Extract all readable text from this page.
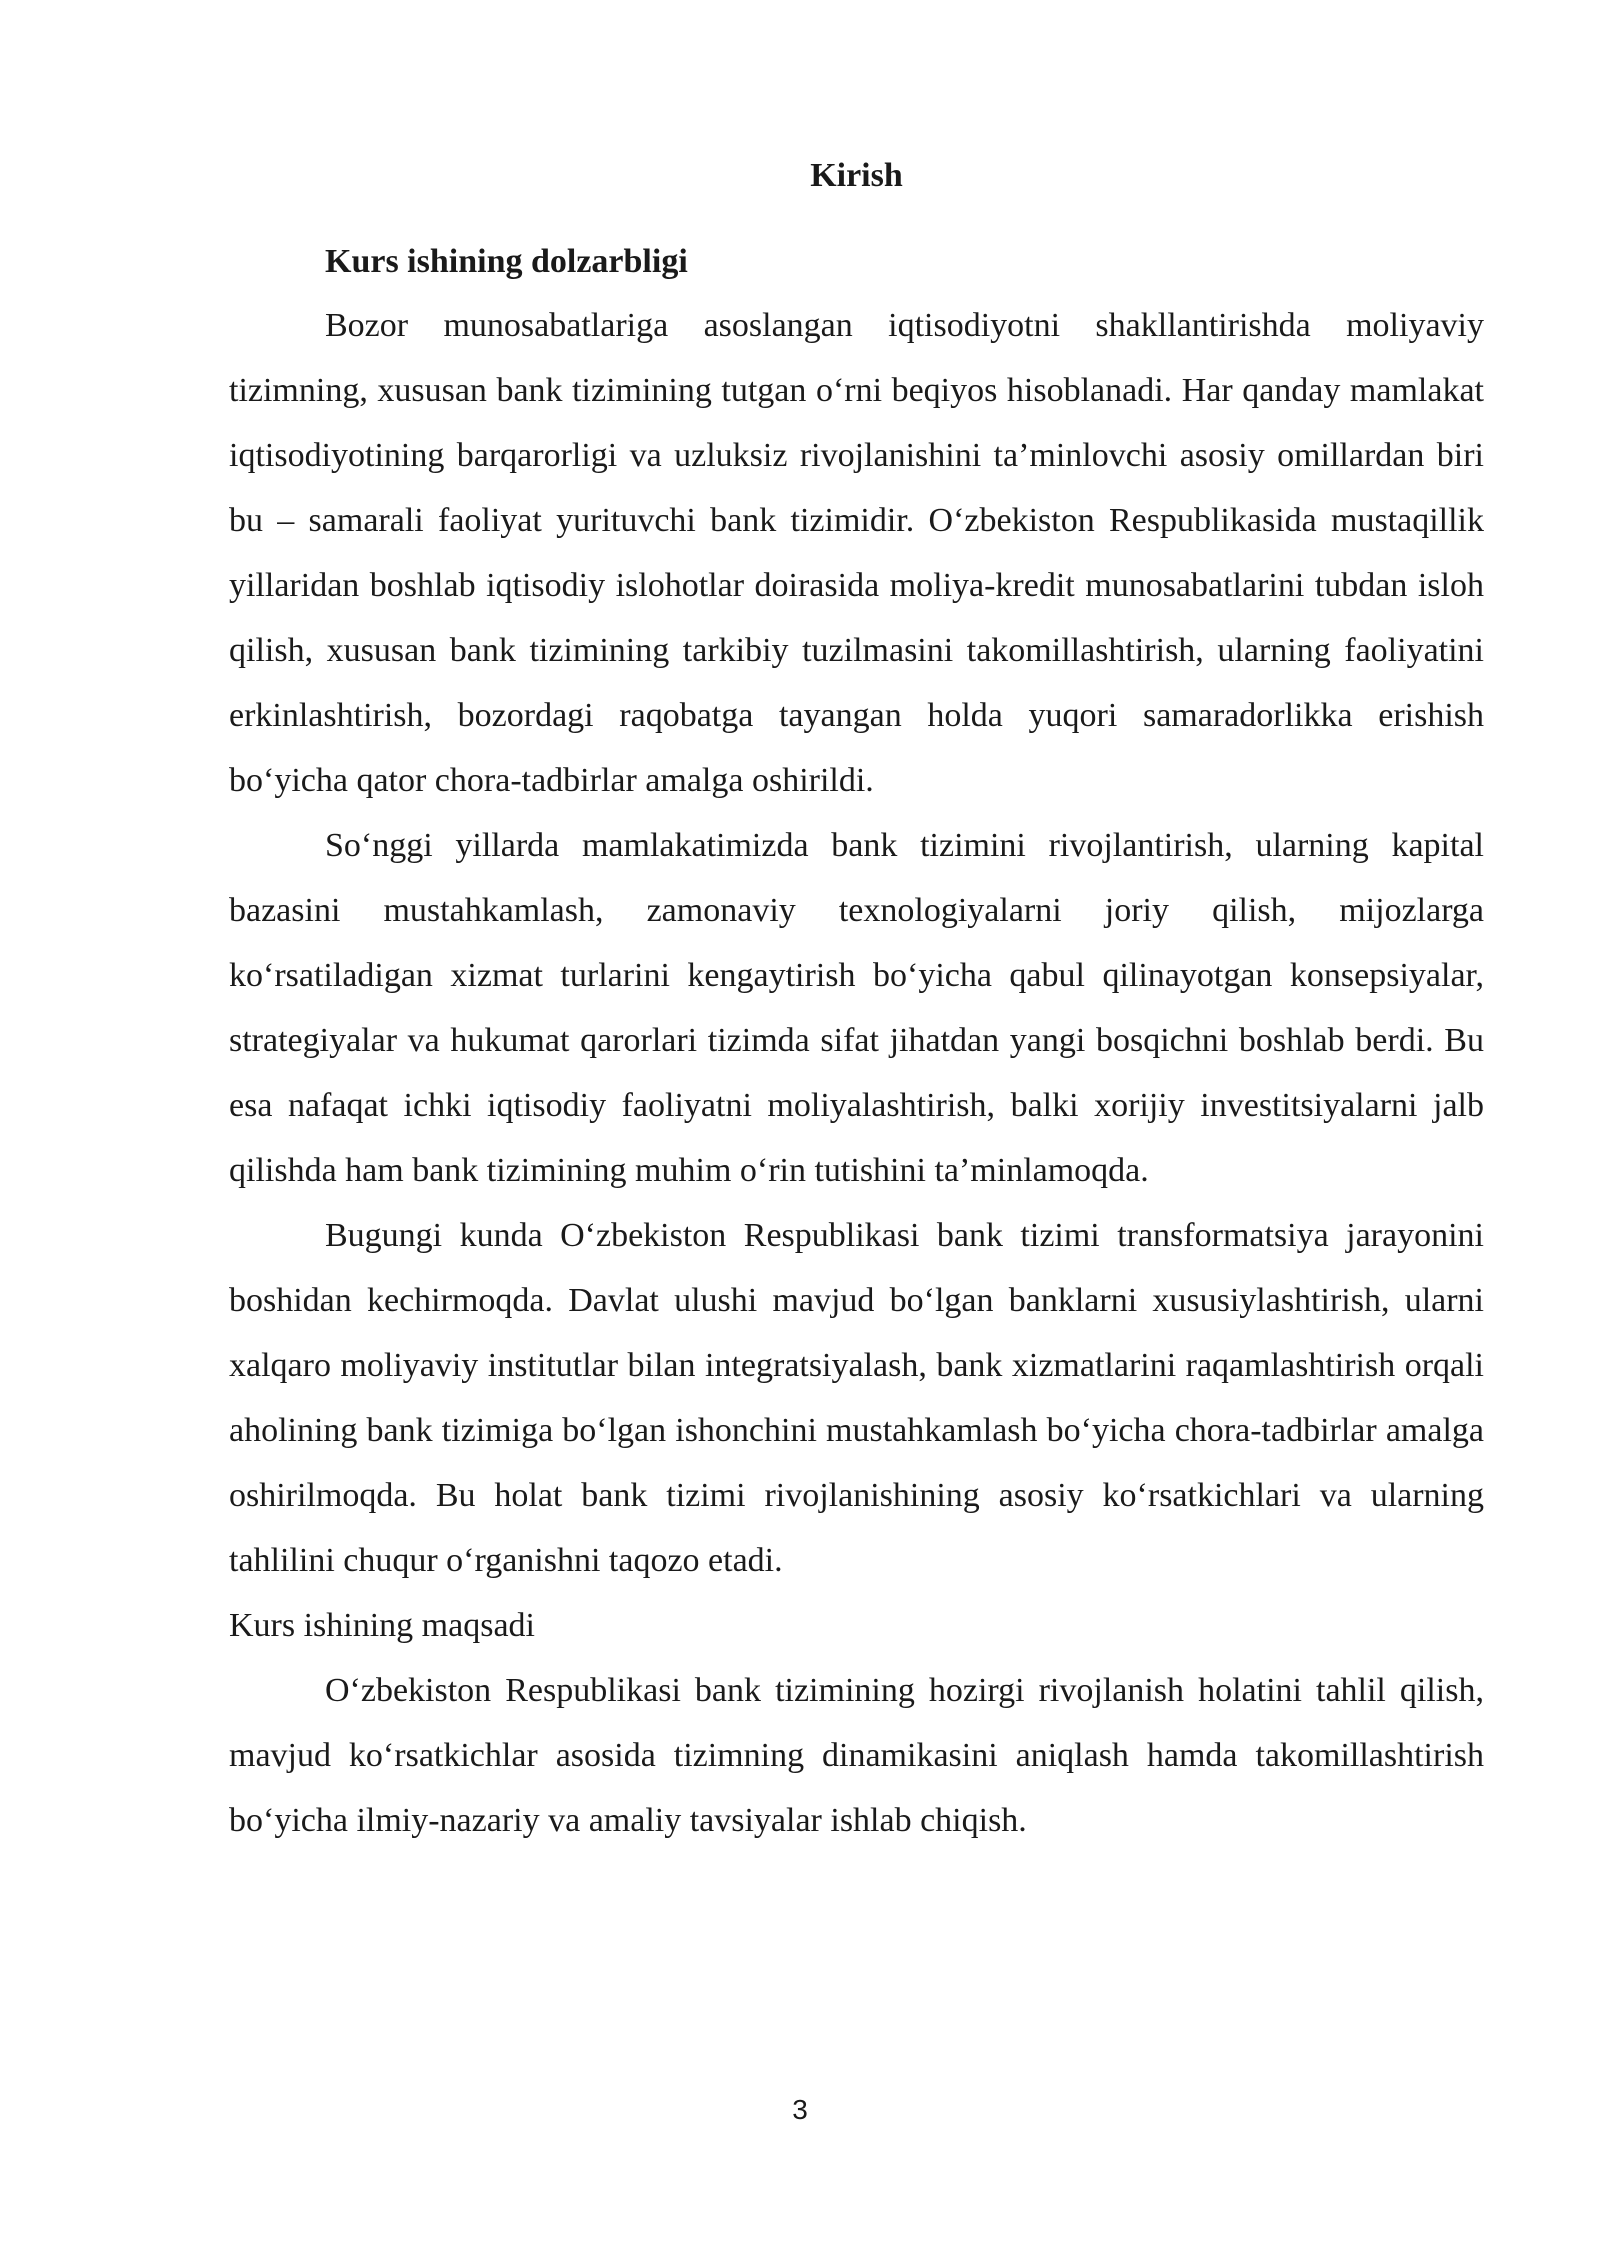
Kirish
Kurs ishining dolzarbligi

Bozor munosabatlariga asoslangan iqtisodiyotni shakllantirishda moliyaviy tizimning, xususan bank tizimining tutgan o‘rni beqiyos hisoblanadi. Har qanday mamlakat iqtisodiyotining barqarorligi va uzluksiz rivojlanishini ta’minlovchi asosiy omillardan biri bu – samarali faoliyat yurituvchi bank tizimidir. O‘zbekiston Respublikasida mustaqillik yillaridan boshlab iqtisodiy islohotlar doirasida moliya-kredit munosabatlarini tubdan isloh qilish, xususan bank tizimining tarkibiy tuzilmasini takomillashtirish, ularning faoliyatini erkinlashtirish, bozordagi raqobatga tayangan holda yuqori samaradorlikka erishish bo‘yicha qator chora-tadbirlar amalga oshirildi.

So‘nggi yillarda mamlakatimizda bank tizimini rivojlantirish, ularning kapital bazasini mustahkamlash, zamonaviy texnologiyalarni joriy qilish, mijozlarga ko‘rsatiladigan xizmat turlarini kengaytirish bo‘yicha qabul qilinayotgan konsepsiyalar, strategiyalar va hukumat qarorlari tizimda sifat jihatdan yangi bosqichni boshlab berdi. Bu esa nafaqat ichki iqtisodiy faoliyatni moliyalashtirish, balki xorijiy investitsiyalarni jalb qilishda ham bank tizimining muhim o‘rin tutishini ta’minlamoqda.

Bugungi kunda O‘zbekiston Respublikasi bank tizimi transformatsiya jarayonini boshidan kechirmoqda. Davlat ulushi mavjud bo‘lgan banklarni xususiylashtirish, ularni xalqaro moliyaviy institutlar bilan integratsiyalash, bank xizmatlarini raqamlashtirish orqali aholining bank tizimiga bo‘lgan ishonchini mustahkamlash bo‘yicha chora-tadbirlar amalga oshirilmoqda. Bu holat bank tizimi rivojlanishining asosiy ko‘rsatkichlari va ularning tahlilini chuqur o‘rganishni taqozo etadi.

Kurs ishining maqsadi

O‘zbekiston Respublikasi bank tizimining hozirgi rivojlanish holatini tahlil qilish, mavjud ko‘rsatkichlar asosida tizimning dinamikasini aniqlash hamda takomillashtirish bo‘yicha ilmiy-nazariy va amaliy tavsiyalar ishlab chiqish.

3
